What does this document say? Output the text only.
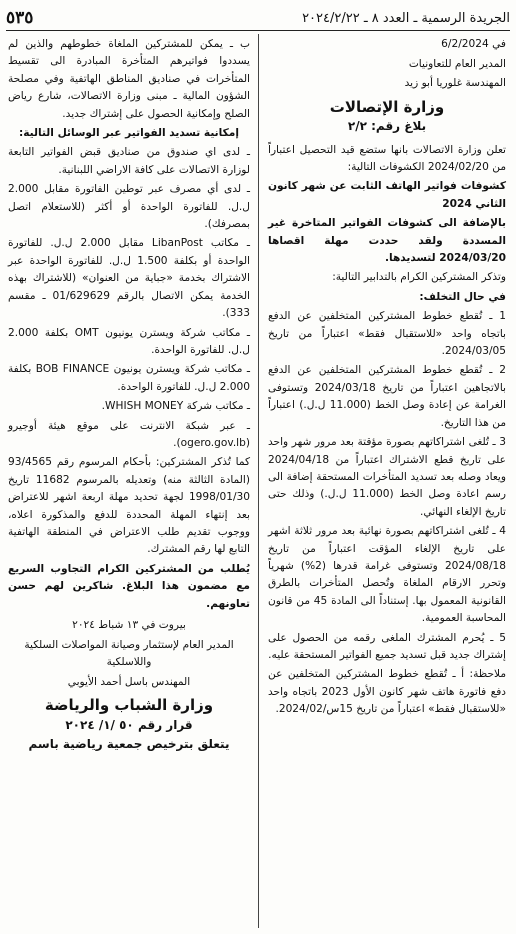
الجريدة الرسمية ـ العدد ٨ ـ ٢٠٢٤/٢/٢٢
٥٣٥

في 6/2/2024

المدير العام للتعاونيات

المهندسة غلوريا أبو زيد

وزارة الإتصالات
بلاغ رقم: ٢/٢

تعلن وزارة الاتصالات بانها ستضع قيد التحصيل اعتباراً من 2024/02/20 الكشوفات التالية:

كشوفات فواتير الهاتف الثابت عن شهر كانون الثاني 2024

بالإضافة الى كشوفات الفواتير المتاخرة غير المسددة ولقد حددت مهلة اقصاها 2024/03/20 لتسديدها.

وتذكر المشتركين الكرام بالتدابير التالية:

في حال التخلف:

1 ـ تُقطع خطوط المشتركين المتخلفين عن الدفع باتجاه واحد «للاستقبال فقط» اعتباراً من تاريخ 2024/03/05.

2 ـ تُقطع خطوط المشتركين المتخلفين عن الدفع بالاتجاهين اعتباراً من تاريخ 2024/03/18 وتستوفى الغرامة عن إعادة وصل الخط (11.000 ل.ل.) اعتباراً من هذا التاريخ.

3 ـ تُلغى اشتراكاتهم بصورة مؤقتة بعد مرور شهر واحد على تاريخ قطع الاشتراك اعتباراً من 2024/04/18 ويعاد وصله بعد تسديد المتأخرات المستحقة إضافة الى رسم اعادة وصل الخط (11.000 ل.ل.) وذلك حتى تاريخ الإلغاء النهائي.

4 ـ تُلغى اشتراكاتهم بصورة نهائية بعد مرور ثلاثة اشهر على تاريخ الإلغاء المؤقت اعتباراً من تاريخ 2024/08/18 وتستوفى غرامة قدرها (2%) شهرياً وتحرر الارقام الملغاة وتُحصل المتأخرات بالطرق القانونية المعمول بها. إستناداً الى المادة 45 من قانون المحاسبة العمومية.

5 ـ يُحرم المشترك الملغى رقمه من الحصول على إشتراك جديد قبل تسديد جميع الفواتير المستحقة عليه.

ملاحظة: أ ـ تُقطع خطوط المشتركين المتخلفين عن دفع فاتورة هاتف شهر كانون الأول 2023 باتجاه واحد «للاستقبال فقط» اعتباراً من تاريخ 15س/2024/02.

ب ـ يمكن للمشتركين الملغاة خطوطهم والذين لم يسددوا فواتيرهم المتأخرة المبادرة الى تقسيط المتأخرات في صناديق المناطق الهاتفية وفي مصلحة الشؤون المالية ـ مبنى وزارة الاتصالات، شارع رياض الصلح وإمكانية الحصول على إشتراك جديد.

إمكانية تسديد الفواتير عبر الوسائل التالية:

ـ لدى اي صندوق من صناديق قبض الفواتير التابعة لوزارة الاتصالات على كافة الاراضي اللبنانية.

ـ لدى أي مصرف عبر توطين الفاتورة مقابل 2.000 ل.ل. للفاتورة الواحدة أو أكثر (للاستعلام اتصل بمصرفك).

ـ مكاتب LibanPost مقابل 2.000 ل.ل. للفاتورة الواحدة أو بكلفة 1.500 ل.ل. للفاتورة الواحدة عبر الاشتراك بخدمة «جباية من العنوان» (للاشتراك بهذه الخدمة يمكن الاتصال بالرقم 01/629629 ـ مقسم 333).

ـ مكاتب شركة ويسترن يونيون OMT بكلفة 2.000 ل.ل. للفاتورة الواحدة.

ـ مكاتب شركة ويسترن يونيون BOB FINANCE بكلفة 2.000 ل.ل. للفاتورة الواحدة.

ـ مكاتب شركة WHISH MONEY.

ـ عبر شبكة الانترنت على موقع هيئة أوجيرو (ogero.gov.lb).

كما تُذكر المشتركين: بأحكام المرسوم رقم 93/4565 (المادة الثالثة منه) وتعديله بالمرسوم 11682 تاريخ 1998/01/30 لجهة تحديد مهلة اربعة اشهر للاعتراض بعد إنتهاء المهلة المحددة للدفع والمذكورة اعلاه، ووجوب تقديم طلب الاعتراض في المنطقة الهاتفية التابع لها رقم المشترك.

يُطلب من المشتركين الكرام التجاوب السريع مع مضمون هذا البلاغ. شاكرين لهم حسن تعاونهم.

بيروت في ١٣ شباط ٢٠٢٤

المدير العام لإستثمار وصيانة المواصلات السلكية واللاسلكية

المهندس باسل أحمد الأيوبي

وزارة الشباب والرياضة
قرار رقم ٥٠ /١/ ٢٠٢٤
يتعلق بترخيص جمعية رياضية باسم
